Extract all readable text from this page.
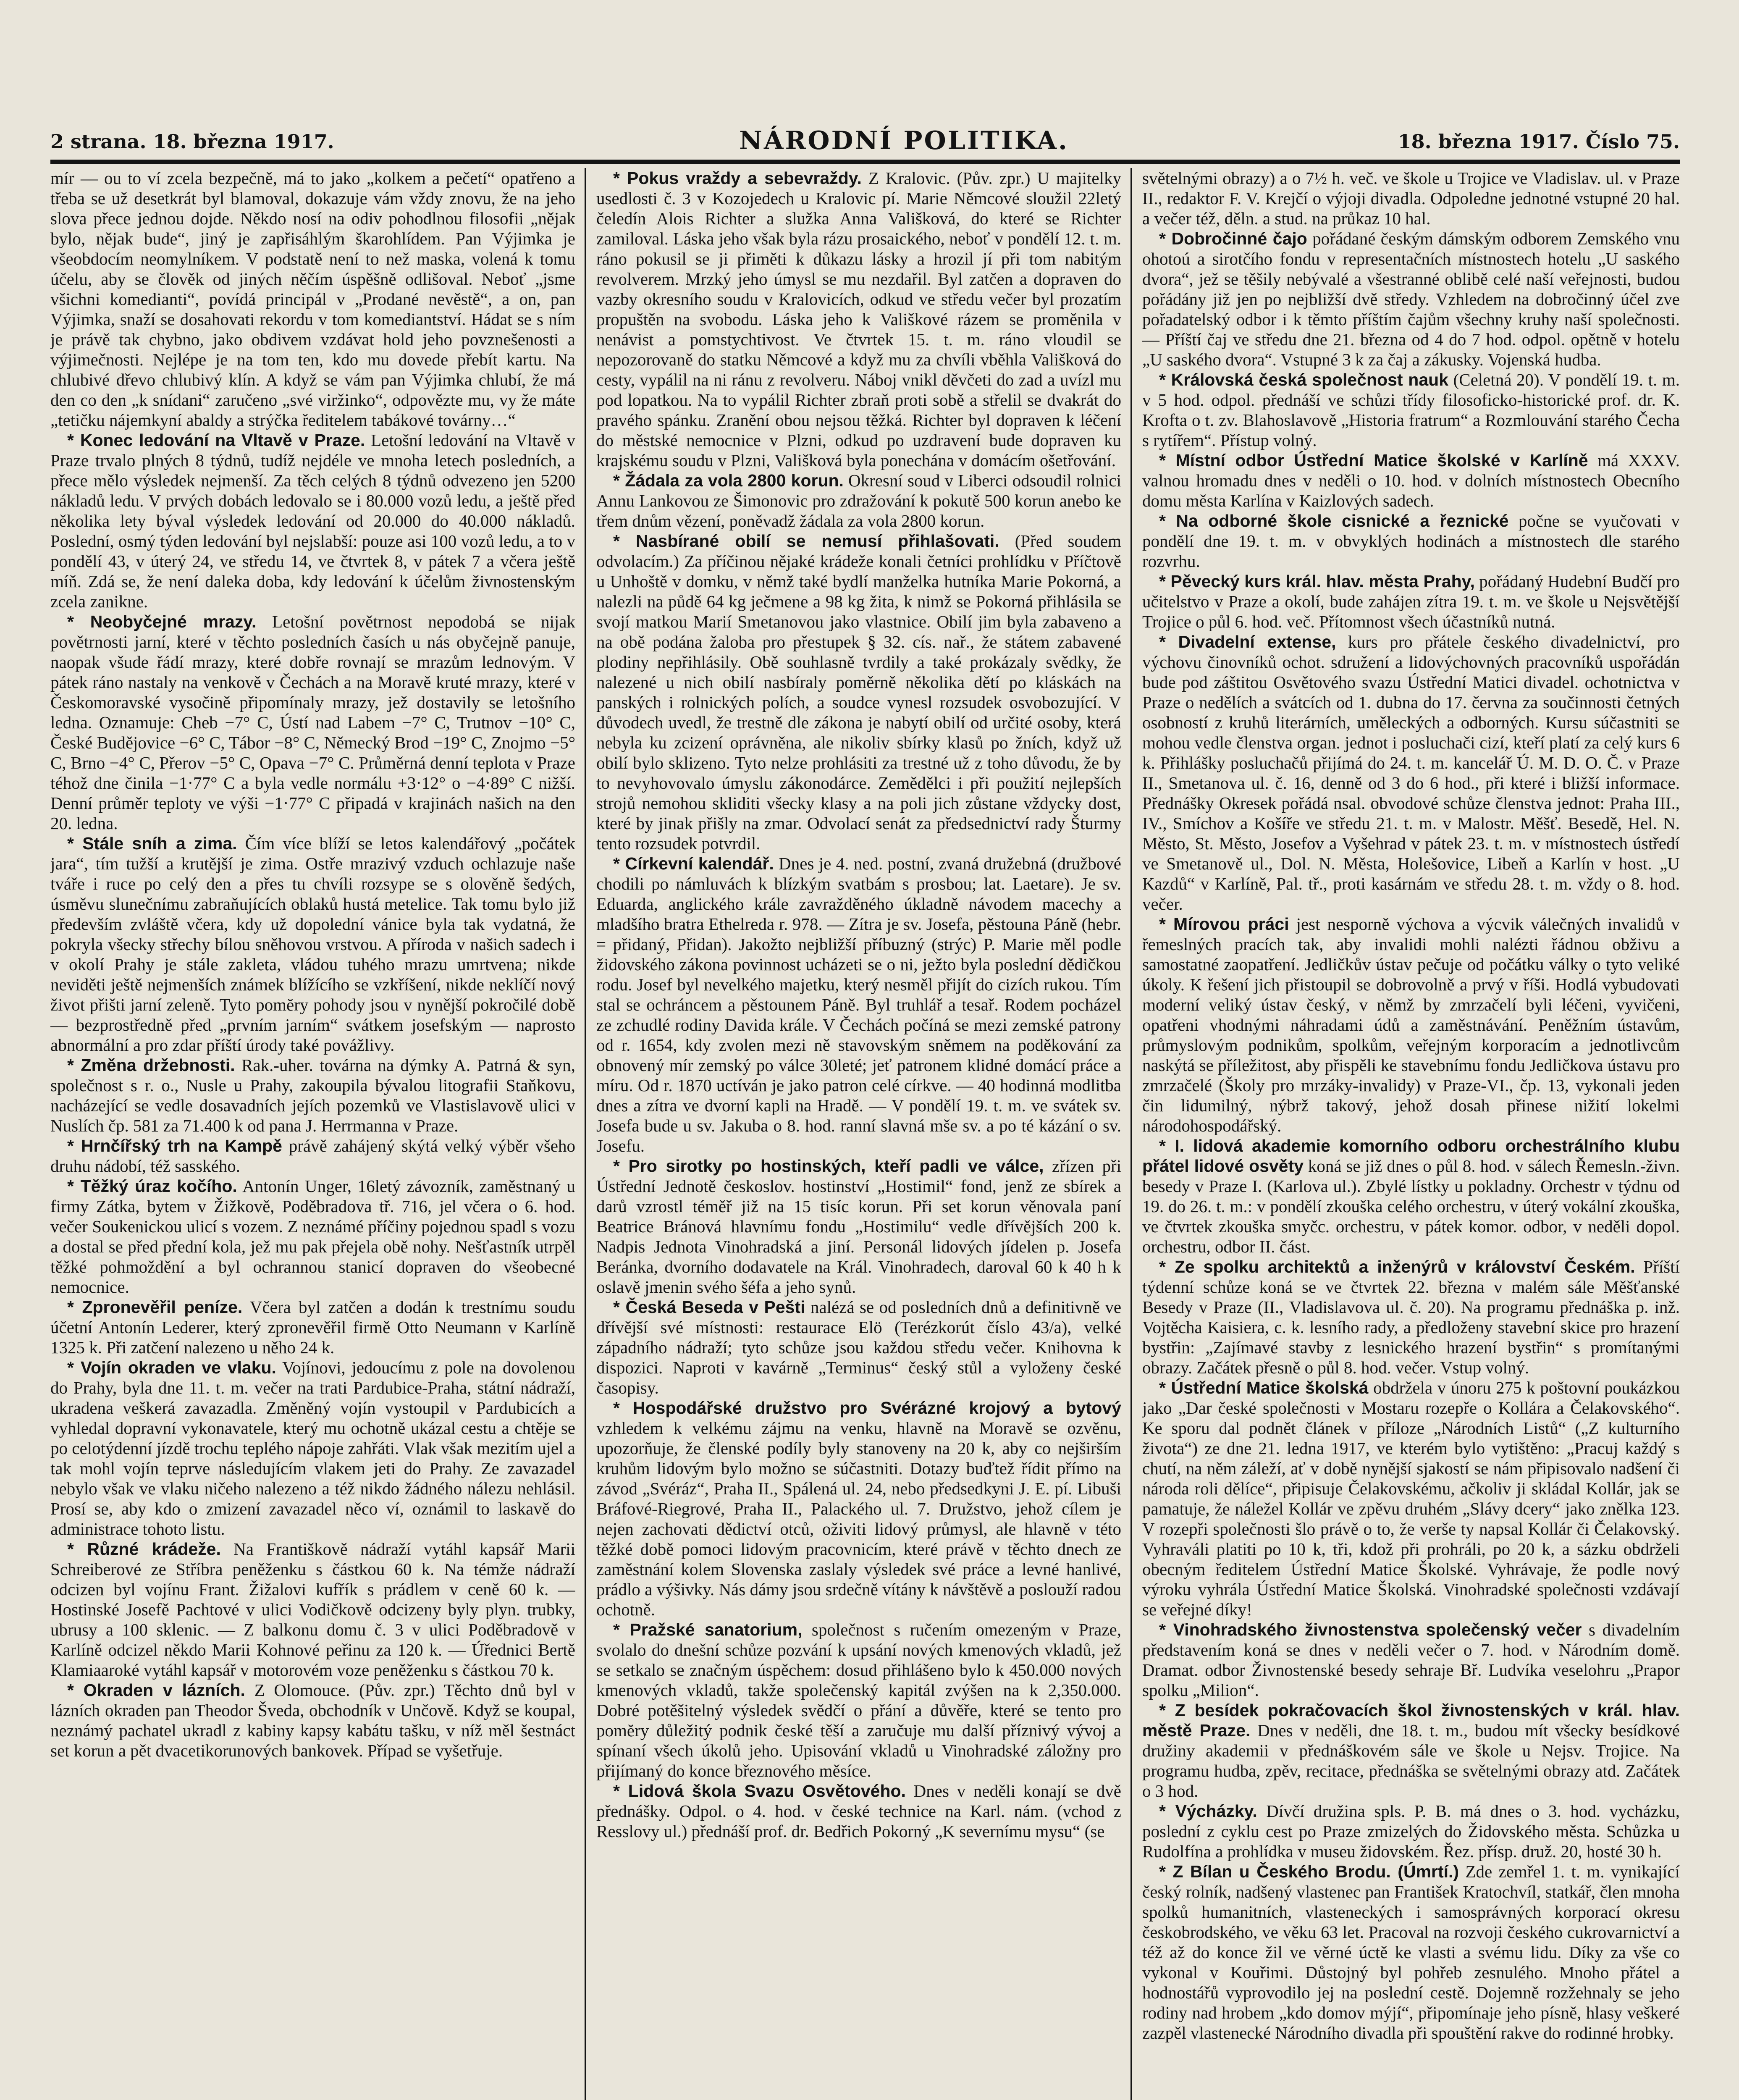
2 strana. 18. března 1917.	NÁRODNÍ POLITIKA.	18. března 1917. Číslo 75.

mír — ou to ví zcela bezpečně, má to jako „kolkem a pečetí“ opatřeno a třeba se už desetkrát byl blamoval, dokazuje vám vždy znovu, že na jeho slova přece jednou dojde. Někdo nosí na odiv pohodlnou filosofii „nějak bylo, nějak bude“, jiný je zapřisáhlým škarohlídem. Pan Výjimka je všeobdocím neomylníkem. V podstatě není to než maska, volená k tomu účelu, aby se člověk od jiných něčím úspěšně odlišoval. Neboť „jsme všichni komedianti“, povídá principál v „Prodané nevěstě“, a on, pan Výjimka, snaží se dosahovati rekordu v tom komediantství. Hádat se s ním je právě tak chybno, jako obdivem vzdávat hold jeho povznešenosti a výjimečnosti. Nejlépe je na tom ten, kdo mu dovede přebít kartu. Na chlubivé dřevo chlubivý klín. A když se vám pan Výjimka chlubí, že má den co den „k snídani“ zaručeno „své viržinko“, odpovězte mu, vy že máte „tetičku nájemkyní abaldy a strýčka ředitelem tabákové továrny…“

* Konec ledování na Vltavě v Praze. Letošní ledování na Vltavě v Praze trvalo plných 8 týdnů, tudíž nejdéle ve mnoha letech posledních, a přece mělo výsledek nejmenší. Za těch celých 8 týdnů odvezeno jen 5200 nákladů ledu. V prvých dobách ledovalo se i 80.000 vozů ledu, a ještě před několika lety býval výsledek ledování od 20.000 do 40.000 nákladů. Poslední, osmý týden ledování byl nejslabší: pouze asi 100 vozů ledu, a to v pondělí 43, v úterý 24, ve středu 14, ve čtvrtek 8, v pátek 7 a včera ještě míň. Zdá se, že není daleka doba, kdy ledování k účelům živnostenským zcela zanikne.

* Neobyčejné mrazy. Letošní povětrnost nepodobá se nijak povětrnosti jarní, které v těchto posledních časích u nás obyčejně panuje, naopak všude řádí mrazy, které dobře rovnají se mrazům lednovým. V pátek ráno nastaly na venkově v Čechách a na Moravě kruté mrazy, které v Českomoravské vysočině připomínaly mrazy, jež dostavily se letošního ledna. Oznamuje: Cheb −7° C, Ústí nad Labem −7° C, Trutnov −10° C, České Budějovice −6° C, Tábor −8° C, Německý Brod −19° C, Znojmo −5° C, Brno −4° C, Přerov −5° C, Opava −7° C. Průměrná denní teplota v Praze téhož dne činila −1·77° C a byla vedle normálu +3·12° o −4·89° C nižší. Denní průměr teploty ve výši −1·77° C připadá v krajinách našich na den 20. ledna.

* Stále sníh a zima. Čím více blíží se letos kalendářový „počátek jara“, tím tužší a krutější je zima. Ostře mrazivý vzduch ochlazuje naše tváře i ruce po celý den a přes tu chvíli rozsype se s olověně šedých, úsměvu slunečnímu zabraňujících oblaků hustá metelice. Tak tomu bylo již především zvláště včera, kdy už dopolední vánice byla tak vydatná, že pokryla všecky střechy bílou sněhovou vrstvou. A příroda v našich sadech i v okolí Prahy je stále zakleta, vládou tuhého mrazu umrtvena; nikde neviděti ještě nejmenších známek blížícího se vzkříšení, nikde neklíčí nový život přišti jarní zeleně. Tyto pomĕry pohody jsou v nynější pokročilé době — bezprostředně před „prvním jarním“ svátkem josefským — naprosto abnormální a pro zdar příští úrody také povážlivy.

* Změna držebnosti. Rak.-uher. továrna na dýmky A. Patrná & syn, společnost s r. o., Nusle u Prahy, zakoupila bývalou litografii Staňkovu, nacházející se vedle dosavadních jejích pozemků ve Vlastislavově ulici v Nuslích čp. 581 za 71.400 k od pana J. Herrmanna v Praze.

* Hrnčířský trh na Kampě právě zahájený skýtá velký výběr všeho druhu nádobí, též sasského.

* Těžký úraz kočího. Antonín Unger, 16letý závozník, zaměstnaný u firmy Zátka, bytem v Žižkově, Poděbradova tř. 716, jel včera o 6. hod. večer Soukenickou ulicí s vozem. Z neznámé příčiny pojednou spadl s vozu a dostal se před přední kola, jež mu pak přejela obě nohy. Nešťastník utrpěl těžké pohmoždění a byl ochrannou stanicí dopraven do všeobecné nemocnice.

* Zpronevěřil peníze. Včera byl zatčen a dodán k trestnímu soudu účetní Antonín Lederer, který zpronevěřil firmě Otto Neumann v Karlíně 1325 k. Při zatčení nalezeno u něho 24 k.

* Vojín okraden ve vlaku. Vojínovi, jedoucímu z pole na dovolenou do Prahy, byla dne 11. t. m. večer na trati Pardubice-Praha, státní nádraží, ukradena veškerá zavazadla. Změněný vojín vystoupil v Pardubicích a vyhledal dopravní vykonavatele, který mu ochotně ukázal cestu a chtěje se po celotýdenní jízdě trochu teplého nápoje zahřáti. Vlak však mezitím ujel a tak mohl vojín teprve následujícím vlakem jeti do Prahy. Ze zavazadel nebylo však ve vlaku ničeho nalezeno a též nikdo žádného nálezu nehlásil. Prosí se, aby kdo o zmizení zavazadel něco ví, oznámil to laskavě do administrace tohoto listu.

* Různé krádeže. Na Františkově nádraží vytáhl kapsář Marii Schreiberové ze Stříbra peněženku s částkou 60 k. Na témže nádraží odcizen byl vojínu Frant. Žižalovi kufřík s prádlem v ceně 60 k. — Hostinské Josefě Pachtové v ulici Vodičkově odcizeny byly plyn. trubky, ubrusy a 100 sklenic. — Z balkonu domu č. 3 v ulici Poděbradově v Karlíně odcizel někdo Marii Kohnové peřinu za 120 k. — Úřednici Bertě Klamiaaroké vytáhl kapsář v motorovém voze peněženku s částkou 70 k.

* Okraden v lázních. Z Olomouce. (Pův. zpr.) Těchto dnů byl v lázních okraden pan Theodor Šveda, obchodník v Unčově. Když se koupal, neznámý pachatel ukradl z kabiny kapsy kabátu tašku, v níž měl šestnáct set korun a pět dvacetikorunových bankovek. Případ se vyšetřuje.

* Pokus vraždy a sebevraždy. Z Kralovic. (Pův. zpr.) U majitelky usedlosti č. 3 v Kozojedech u Kralovic pí. Marie Němcové sloužil 22letý čeledín Alois Richter a služka Anna Vališková, do které se Richter zamiloval. Láska jeho však byla rázu prosaického, neboť v pondělí 12. t. m. ráno pokusil se ji přiměti k důkazu lásky a hrozil jí při tom nabitým revolverem. Mrzký jeho úmysl se mu nezdařil. Byl zatčen a dopraven do vazby okresního soudu v Kralovicích, odkud ve středu večer byl prozatím propuštěn na svobodu. Láska jeho k Vališkové rázem se proměnila v nenávist a pomstychtivost. Ve čtvrtek 15. t. m. ráno vloudil se nepozorovaně do statku Němcové a když mu za chvíli vběhla Vališková do cesty, vypálil na ni ránu z revolveru. Náboj vnikl děvčeti do zad a uvízl mu pod lopatkou. Na to vypálil Richter zbraň proti sobě a střelil se dvakrát do pravého spánku. Zranění obou nejsou těžká. Richter byl dopraven k léčení do městské nemocnice v Plzni, odkud po uzdravení bude dopraven ku krajskému soudu v Plzni, Vališková byla ponechána v domácím ošetřování.

* Žádala za vola 2800 korun. Okresní soud v Liberci odsoudil rolnici Annu Lankovou ze Šimonovic pro zdražování k pokutě 500 korun anebo ke třem dnům vězení, poněvadž žádala za vola 2800 korun.

* Nasbírané obilí se nemusí přihlašovati. (Před soudem odvolacím.) Za příčinou nějaké krádeže konali četníci prohlídku v Příčtově u Unhoště v domku, v němž také bydlí manželka hutníka Marie Pokorná, a nalezli na půdě 64 kg ječmene a 98 kg žita, k nimž se Pokorná přihlásila se svojí matkou Marií Smetanovou jako vlastnice. Obilí jim byla zabaveno a na obě podána žaloba pro přestupek § 32. cís. nař., že státem zabavené plodiny nepřihlásily. Obě souhlasně tvrdily a také prokázaly svědky, že nalezené u nich obilí nasbíraly poměrně několika dětí po kláskách na panských i rolnických polích, a soudce vynesl rozsudek osvobozující. V důvodech uvedl, že trestně dle zákona je nabytí obilí od určité osoby, která nebyla ku zcizení oprávněna, ale nikoliv sbírky klasů po žních, když už obilí bylo sklizeno. Tyto nelze prohlásiti za trestné už z toho důvodu, že by to nevyhovovalo úmyslu zákonodárce. Zemědělci i při použití nejlepších strojů nemohou skliditi všecky klasy a na poli jich zůstane vždycky dost, které by jinak přišly na zmar. Odvolací senát za předsednictví rady Šturmy tento rozsudek potvrdil.

* Církevní kalendář. Dnes je 4. ned. postní, zvaná družebná (družbové chodili po námluvách k blízkým svatbám s prosbou; lat. Laetare). Je sv. Eduarda, anglického krále zavražděného úkladně návodem macechy a mladšího bratra Ethelreda r. 978. — Zítra je sv. Josefa, pěstouna Páně (hebr. = přidaný, Přidan). Jakožto nejbližší příbuzný (strýc) P. Marie měl podle židovského zákona povinnost ucházeti se o ni, ježto byla poslední dědičkou rodu. Josef byl nevelkého majetku, který nesměl přijít do cizích rukou. Tím stal se ochráncem a pěstounem Páně. Byl truhlář a tesař. Rodem pocházel ze zchudlé rodiny Davida krále. V Čechách počíná se mezi zemské patrony od r. 1654, kdy zvolen mezi ně stavovským sněmem na poděkování za obnovený mír zemský po válce 30leté; jeť patronem klidné domácí práce a míru. Od r. 1870 uctíván je jako patron celé církve. — 40 hodinná modlitba dnes a zítra ve dvorní kapli na Hradě. — V pondělí 19. t. m. ve svátek sv. Josefa bude u sv. Jakuba o 8. hod. ranní slavná mše sv. a po té kázání o sv. Josefu.

* Pro sirotky po hostinských, kteří padli ve válce, zřízen při Ústřední Jednotě českoslov. hostinství „Hostimil“ fond, jenž ze sbírek a darů vzrostl téměř již na 15 tisíc korun. Při set korun věnovala paní Beatrice Bránová hlavnímu fondu „Hostimilu“ vedle dřívějších 200 k. Nadpis Jednota Vinohradská a jiní. Personál lidových jídelen p. Josefa Beránka, dvorního dodavatele na Král. Vinohradech, daroval 60 k 40 h k oslavě jmenin svého šéfa a jeho synů.

* Česká Beseda v Pešti nalézá se od posledních dnů a definitivně ve dřívější své místnosti: restaurace Elö (Terézkorút číslo 43/a), velké západního nádraží; tyto schůze jsou každou středu večer. Knihovna k dispozici. Naproti v kavárně „Terminus“ český stůl a vyloženy české časopisy.

* Hospodářské družstvo pro Svérázné krojový a bytový vzhledem k velkému zájmu na venku, hlavně na Moravě se ozvěnu, upozorňuje, že členské podíly byly stanoveny na 20 k, aby co nejširším kruhům lidovým bylo možno se súčastniti. Dotazy buďtež řídit přímo na závod „Svéráz“, Praha II., Spálená ul. 24, nebo předsedkyni J. E. pí. Libuši Bráfové-Riegrové, Praha II., Palackého ul. 7. Družstvo, jehož cílem je nejen zachovati dědictví otců, oživiti lidový průmysl, ale hlavně v této těžké době pomoci lidovým pracovnicím, které právě v těchto dnech ze zaměstnání kolem Slovenska zaslaly výsledek své práce a levné hanlivé, prádlo a výšivky. Nás dámy jsou srdečně vítány k návštěvě a poslouží radou ochotně.

* Pražské sanatorium, společnost s ručením omezeným v Praze, svolalo do dnešní schůze pozvání k upsání nových kmenových vkladů, jež se setkalo se značným úspěchem: dosud přihlášeno bylo k 450.000 nových kmenových vkladů, takže společenský kapitál zvýšen na k 2,350.000. Dobré potěšitelný výsledek svědčí o přání a důvěře, které se tento pro pomĕry důležitý podnik české těší a zaručuje mu další příznivý vývoj a spínaní všech úkolů jeho. Upisování vkladů u Vinohradské záložny pro přijímaný do konce březnového měsíce.

* Lidová škola Svazu Osvětového. Dnes v neděli konají se dvě přednášky. Odpol. o 4. hod. v české technice na Karl. nám. (vchod z Resslovy ul.) přednáší prof. dr. Bedřich Pokorný „K severnímu mysu“ (se

světelnými obrazy) a o 7½ h. več. ve škole u Trojice ve Vladislav. ul. v Praze II., redaktor F. V. Krejčí o výjoji divadla. Odpoledne jednotné vstupné 20 hal. a večer též, děln. a stud. na průkaz 10 hal.

* Dobročinné čajo pořádané českým dámským odborem Zemského vnu ohotoú a sirotčího fondu v representačních místnostech hotelu „U saského dvora“, jež se těšily nebývalé a všestranné oblibě celé naší veřejnosti, budou pořádány již jen po nejbližší dvě středy. Vzhledem na dobročinný účel zve pořadatelský odbor i k těmto příštím čajům všechny kruhy naší společnosti. — Příští čaj ve středu dne 21. března od 4 do 7 hod. odpol. opětně v hotelu „U saského dvora“. Vstupné 3 k za čaj a zákusky. Vojenská hudba.

* Královská česká společnost nauk (Celetná 20). V pondělí 19. t. m. v 5 hod. odpol. přednáší ve schůzi třídy filosoficko-historické prof. dr. K. Krofta o t. zv. Blahoslavově „Historia fratrum“ a Rozmlouvání starého Čecha s rytířem“. Přístup volný.

* Místní odbor Ústřední Matice školské v Karlíně má XXXV. valnou hromadu dnes v neděli o 10. hod. v dolních místnostech Obecního domu města Karlína v Kaizlových sadech.

* Na odborné škole cisnické a řeznické počne se vyučovati v pondělí dne 19. t. m. v obvyklých hodinách a místnostech dle starého rozvrhu.

* Pěvecký kurs král. hlav. města Prahy, pořádaný Hudební Budčí pro učitelstvo v Praze a okolí, bude zahájen zítra 19. t. m. ve škole u Nejsvětější Trojice o půl 6. hod. več. Přítomnost všech účastníků nutná.

* Divadelní extense, kurs pro přátele českého divadelnictví, pro výchovu činovníků ochot. sdružení a lidovýchovných pracovníků uspořádán bude pod záštitou Osvětového svazu Ústřední Matici divadel. ochotnictva v Praze o nedělích a svátcích od 1. dubna do 17. června za součinnosti četných osobností z kruhů literárních, uměleckých a odborných. Kursu súčastniti se mohou vedle členstva organ. jednot i posluchači cizí, kteří platí za celý kurs 6 k. Přihlášky posluchačů přijímá do 24. t. m. kancelář Ú. M. D. O. Č. v Praze II., Smetanova ul. č. 16, denně od 3 do 6 hod., při které i bližší informace. Přednášky Okresek pořádá nsal. obvodové schůze členstva jednot: Praha III., IV., Smíchov a Košíře ve středu 21. t. m. v Malostr. Měšť. Besedě, Hel. N. Město, St. Město, Josefov a Vyšehrad v pátek 23. t. m. v místnostech ústředí ve Smetanově ul., Dol. N. Města, Holešovice, Libeň a Karlín v host. „U Kazdů“ v Karlíně, Pal. tř., proti kasárnám ve středu 28. t. m. vždy o 8. hod. večer.

* Mírovou práci jest nesporně výchova a výcvik válečných invalidů v řemeslných pracích tak, aby invalidi mohli nalézti řádnou obživu a samostatné zaopatření. Jedličkův ústav pečuje od počátku války o tyto veliké úkoly. K řešení jich přistoupil se dobrovolně a prvý v říši. Hodlá vybudovati moderní veliký ústav český, v němž by zmrzačelí byli léčeni, vyvičeni, opatřeni vhodnými náhradami údů a zaměstnávání. Peněžním ústavům, průmyslovým podnikům, spolkům, veřejným korporacím a jednotlivcům naskýtá se příležitost, aby přispěli ke stavebnímu fondu Jedličkova ústavu pro zmrzačelé (Školy pro mrzáky-invalidy) v Praze-VI., čp. 13, vykonali jeden čin lidumilný, nýbrž takový, jehož dosah přinese nižití lokelmi národohospodářský.

* I. lidová akademie komorního odboru orchestrálního klubu přátel lidové osvěty koná se již dnes o půl 8. hod. v sálech Řemesln.-živn. besedy v Praze I. (Karlova ul.). Zbylé lístky u pokladny. Orchestr v týdnu od 19. do 26. t. m.: v pondělí zkouška celého orchestru, v úterý vokální zkouška, ve čtvrtek zkouška smyčc. orchestru, v pátek komor. odbor, v neděli dopol. orchestru, odbor II. část.

* Ze spolku architektů a inženýrů v království Českém. Příští týdenní schůze koná se ve čtvrtek 22. března v malém sále Měšťanské Besedy v Praze (II., Vladislavova ul. č. 20). Na programu přednáška p. inž. Vojtěcha Kaisiera, c. k. lesního rady, a předloženy stavební skice pro hrazení bystřin: „Zajímavé stavby z lesnického hrazení bystřin“ s promítanými obrazy. Začátek přesně o půl 8. hod. večer. Vstup volný.

* Ústřední Matice školská obdržela v únoru 275 k poštovní poukázkou jako „Dar české společnosti v Mostaru rozepře o Kollára a Čelakovského“. Ke sporu dal podnět článek v příloze „Národních Listů“ („Z kulturního života“) ze dne 21. ledna 1917, ve kterém bylo vytištěno: „Pracuj každý s chutí, na něm záleží, ať v době nynější sjakostí se nám připisovalo nadšení či národa roli dělíce“, připisuje Čelakovskému, ačkoliv ji skládal Kollár, jak se pamatuje, že náležel Kollár ve zpěvu druhém „Slávy dcery“ jako znělka 123. V rozepři společnosti šlo právě o to, že verše ty napsal Kollár či Čelakovský. Vyhraváli platiti po 10 k, tři, kdož při prohráli, po 20 k, a sázku obdrželi obecným ředitelem Ústřední Matice Školské. Vyhrávaje, že podle nový výroku vyhrála Ústřední Matice Školská. Vinohradské společnosti vzdávají se veřejné díky!

* Vinohradského živnostenstva společenský večer s divadelním představením koná se dnes v neděli večer o 7. hod. v Národním domě. Dramat. odbor Živnostenské besedy sehraje Bř. Ludvíka veselohru „Prapor spolku „Milion“.

* Z besídek pokračovacích škol živnostenských v král. hlav. městě Praze. Dnes v neděli, dne 18. t. m., budou mít všecky besídkové družiny akademii v přednáškovém sále ve škole u Nejsv. Trojice. Na programu hudba, zpěv, recitace, přednáška se světelnými obrazy atd. Začátek o 3 hod.

* Výcházky. Dívčí družina spls. P. B. má dnes o 3. hod. vycházku, poslední z cyklu cest po Praze zmizelých do Židovského města. Schůzka u Rudolfína a prohlídka v museu židovském. Řez. přísp. druž. 20, hosté 30 h.

* Z Bílan u Českého Brodu. (Úmrtí.) Zde zemřel 1. t. m. vynikající český rolník, nadšený vlastenec pan František Kratochvíl, statkář, člen mnoha spolků humanitních, vlasteneckých i samosprávných korporací okresu českobrodského, ve věku 63 let. Pracoval na rozvoji českého cukrovarnictví a též až do konce žil ve věrné úctě ke vlasti a svému lidu. Díky za vše co vykonal v Kouřimi. Důstojný byl pohřeb zesnulého. Mnoho přátel a hodnostářů vyprovodilo jej na poslední cestě. Dojemně rozžehnaly se jeho rodiny nad hrobem „kdo domov mýjí“, připomínaje jeho písně, hlasy veškeré zazpěl vlastenecké Národního divadla při spouštění rakve do rodinné hrobky.
